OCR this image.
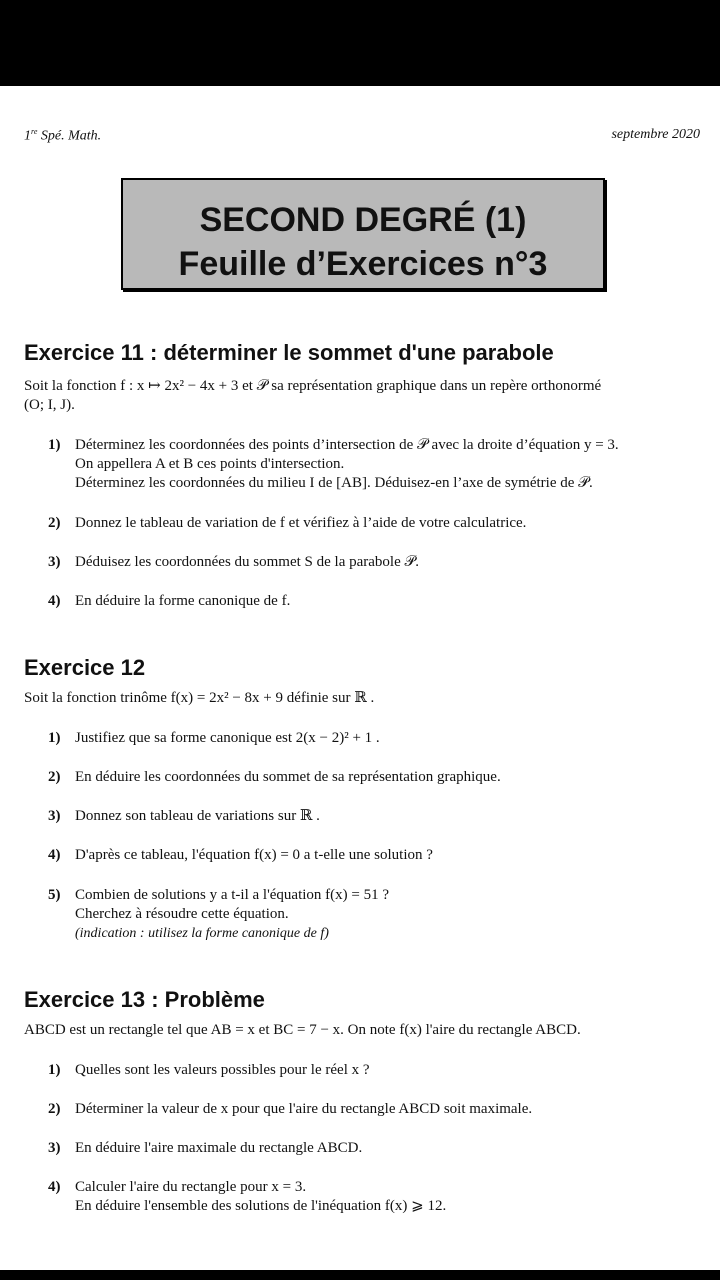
1re Spé. Math.	septembre 2020
SECOND DEGRÉ (1)
Feuille d’Exercices n°3
Exercice 11 : déterminer le sommet d'une parabole
Soit la fonction f : x ↦ 2x² − 4x + 3 et 𝒫 sa représentation graphique dans un repère orthonormé
(O; I, J).
1) Déterminez les coordonnées des points d’intersection de 𝒫 avec la droite d’équation y = 3.
On appellera A et B ces points d'intersection.
Déterminez les coordonnées du milieu I de [AB]. Déduisez-en l’axe de symétrie de 𝒫.
2) Donnez le tableau de variation de f et vérifiez à l’aide de votre calculatrice.
3) Déduisez les coordonnées du sommet S de la parabole 𝒫.
4) En déduire la forme canonique de f.
Exercice 12
Soit la fonction trinôme f(x) = 2x² − 8x + 9 définie sur ℝ .
1) Justifiez que sa forme canonique est 2(x − 2)² + 1 .
2) En déduire les coordonnées du sommet de sa représentation graphique.
3) Donnez son tableau de variations sur ℝ .
4) D'après ce tableau, l'équation f(x) = 0 a t-elle une solution ?
5) Combien de solutions y a t-il a l'équation f(x) = 51 ?
Cherchez à résoudre cette équation.
(indication : utilisez la forme canonique de f)
Exercice 13 : Problème
ABCD est un rectangle tel que AB = x et BC = 7 − x. On note f(x) l'aire du rectangle ABCD.
1) Quelles sont les valeurs possibles pour le réel x ?
2) Déterminer la valeur de x pour que l'aire du rectangle ABCD soit maximale.
3) En déduire l'aire maximale du rectangle ABCD.
4) Calculer l'aire du rectangle pour x = 3.
En déduire l'ensemble des solutions de l'inéquation f(x) ⩾ 12.
